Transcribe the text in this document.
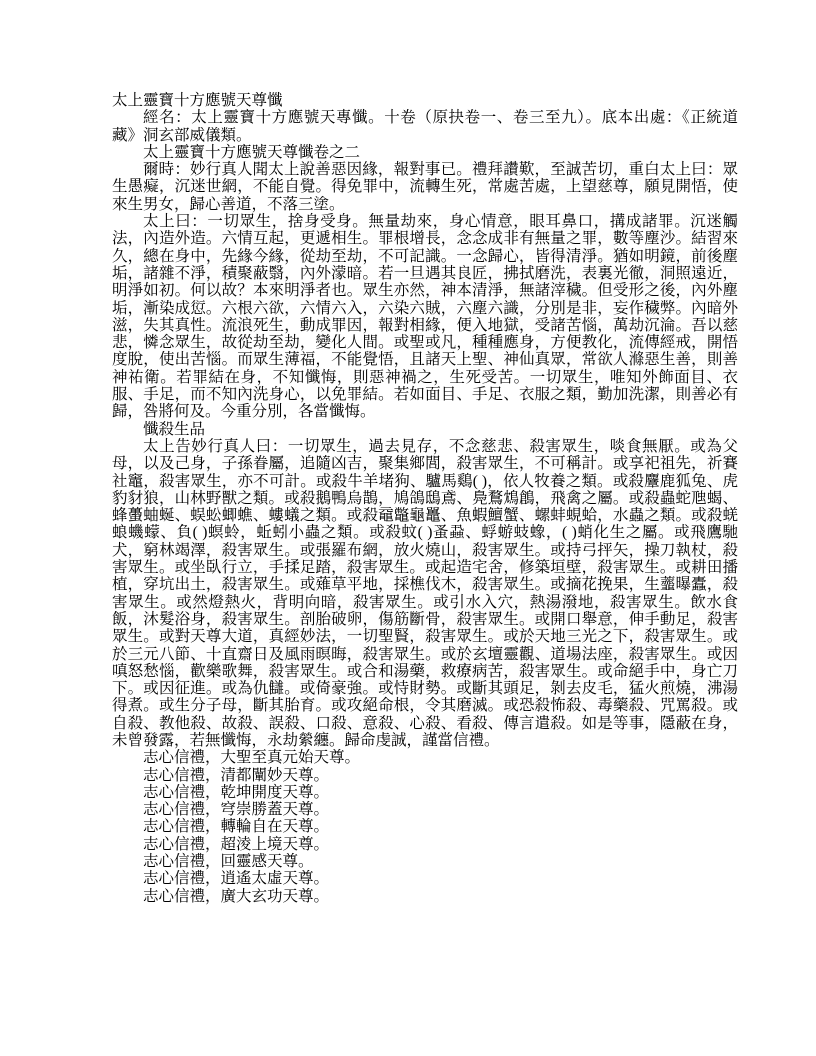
太上靈寶十方應號天尊懺

經名：太上靈寶十方應號天專懺。十卷（原抉卷一、卷三至九）。底本出處：《正統道藏》洞玄部威儀類。

太上靈寶十方應號天尊懺卷之二

爾時：妙行真人聞太上說善惡因緣，報對事已。禮拜讚歎，至誠苦切，重白太上曰：眾生愚癡，沉迷世網，不能自覺。得免罪中，流轉生死，常處苦處，上望慈尊，願見開悟，使來生男女，歸心善道，不落三塗。

太上曰：一切眾生，捨身受身。無量劫來，身心情意，眼耳鼻口，搆成諸罪。沉迷觸法，內造外造。六情互起，更遞相生。罪根增長，念念成非有無量之罪，數等塵沙。結習來久，總在身中，先緣今緣，從劫至劫，不可記識。一念歸心，皆得清淨。猶如明鏡，前後塵垢，諸雜不淨，積聚蔽翳，內外濛暗。若一旦遇其良匠，拂拭磨洗，表裏光徹，洞照遠近，明淨如初。何以故？本來明淨者也。眾生亦然，神本清淨，無諸滓穢。但受形之後，內外塵垢，漸染成愆。六根六欲，六情六入，六染六賊，六塵六識，分別是非，妄作穢弊。內暗外滋，失其真性。流浪死生，動成罪因，報對相緣，便入地獄，受諸苦惱，萬劫沉淪。吾以慈悲，憐念眾生，故從劫至劫，變化人間。或聖或凡，種種應身，方便教化，流傳經戒，開悟度脫，使出苦惱。而眾生薄福，不能覺悟，且諸天上聖、神仙真眾，常欲人滌惡生善，則善神祐衛。若罪結在身，不知懺悔，則惡神禍之，生死受苦。一切眾生，唯知外飾面目、衣服、手足，而不知內洗身心，以免罪結。若如面目、手足、衣服之類，勤加洗潔，則善必有歸，咎將何及。今重分別，各當懺悔。

懺殺生品

太上告妙行真人曰：一切眾生，過去見存，不念慈悲、殺害眾生，啖食無厭。或為父母，以及己身，子孫眷屬，追隨凶吉，聚集鄉閭，殺害眾生，不可稱計。或享祀祖先，祈賽社竈，殺害眾生，亦不可計。或殺牛羊堵狗、驢馬鷄( )，依人牧養之類。或殺麞鹿狐兔、虎豹豺狼，山林野獸之類。或殺鵝鴨烏鵲，鳩鴿鴟鳶、鳧鶩鴆鶬，飛禽之屬。或殺蟲蛇虺蝎、蜂蠆蚰蜒、蜈蚣蝍蟭、螻蟻之類。或殺黿鼈龜鼉、魚蝦鱣蟹、螺蚌蜆蛤，水蟲之類。或殺蜣蜋蟣蠓、負( )螟蛉，蚯蚓小蟲之類。或殺蚊( )蚤蝨、蜉蝣蚑蟓，( )蛸化生之屬。或飛鷹馳犬，窮林竭澤，殺害眾生。或張羅布網，放火燒山，殺害眾生。或持弓抨矢，操刀執杖，殺害眾生。或坐臥行立，手揉足踏，殺害眾生。或起造宅舍，修築垣壁，殺害眾生。或耕田播植，穿坑出土，殺害眾生。或薙草平地，採樵伐木，殺害眾生。或摘花挽果，生虀曝蠹，殺害眾生。或然燈熱火，背明向暗，殺害眾生。或引水入穴，熱湯潑地，殺害眾生。飲水食飯，沐髮浴身，殺害眾生。剖胎破卵，傷筋斷骨，殺害眾生。或開口舉意，伸手動足，殺害眾生。或對天尊大道，真經妙法，一切聖賢，殺害眾生。或於天地三光之下，殺害眾生。或於三元八節、十直齋日及風雨暝晦，殺害眾生。或於玄壇靈觀、道場法座，殺害眾生。或因嗔怒愁惱，歡樂歌舞，殺害眾生。或合和湯藥，救療病苦，殺害眾生。或命絕手中，身亡刀下。或因征進。或為仇讎。或倚豪強。或恃財勢。或斷其頭足，剝去皮毛，猛火煎燒，沸湯得煮。或生分子母，斷其胎育。或攻絕命根，令其磨滅。或恐殺怖殺、毒藥殺、咒罵殺。或自殺、教他殺、故殺、誤殺、口殺、意殺、心殺、看殺、傳言遣殺。如是等事，隱蔽在身，未曾發露，若無懺悔，永劫縈纏。歸命虔誠，謹當信禮。

志心信禮，大聖至真元始天尊。

志心信禮，清都闡妙天尊。

志心信禮，乾坤開度天尊。

志心信禮，穹崇勝蓋天尊。

志心信禮，轉輪自在天尊。

志心信禮，超淩上境天尊。

志心信禮，回靈感天尊。

志心信禮，逍遙太虛天尊。

志心信禮，廣大玄功天尊。
